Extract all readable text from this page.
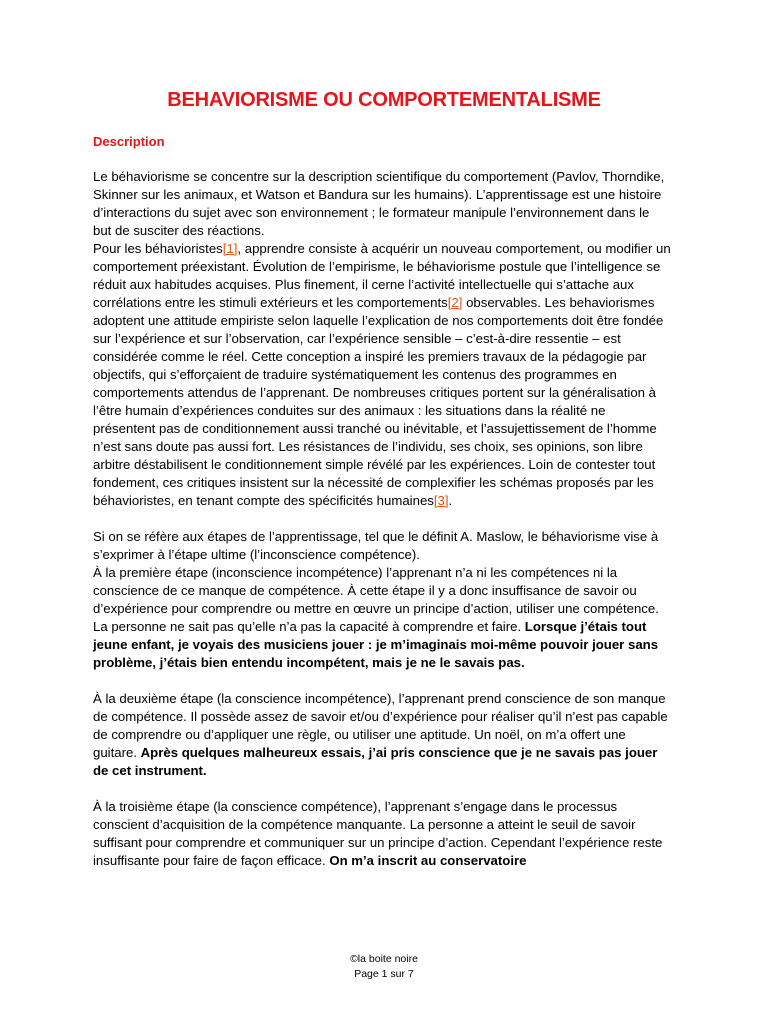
BEHAVIORISME OU COMPORTEMENTALISME
Description

Le béhaviorisme se concentre sur la description scientifique du comportement (Pavlov, Thorndike, Skinner sur les animaux, et Watson et Bandura sur les humains). L’apprentissage est une histoire d’interactions du sujet avec son environnement ; le formateur manipule l’environnement dans le but de susciter des réactions.

Pour les béhavioristes[1], apprendre consiste à acquérir un nouveau comportement, ou modifier un comportement préexistant. Évolution de l’empirisme, le béhaviorisme postule que l’intelligence se réduit aux habitudes acquises. Plus finement, il cerne l’activité intellectuelle qui s’attache aux corrélations entre les stimuli extérieurs et les comportements[2] observables. Les behaviorismes adoptent une attitude empiriste selon laquelle l’explication de nos comportements doit être fondée sur l’expérience et sur l’observation, car l’expérience sensible – c’est-à-dire ressentie – est considérée comme le réel. Cette conception a inspiré les premiers travaux de la pédagogie par objectifs, qui s’efforçaient de traduire systématiquement les contenus des programmes en comportements attendus de l’apprenant. De nombreuses critiques portent sur la généralisation à l’être humain d’expériences conduites sur des animaux : les situations dans la réalité ne présentent pas de conditionnement aussi tranché ou inévitable, et l’assujettissement de l’homme n’est sans doute pas aussi fort. Les résistances de l’individu, ses choix, ses opinions, son libre arbitre déstabilisent le conditionnement simple révélé par les expériences. Loin de contester tout fondement, ces critiques insistent sur la nécessité de complexifier les schémas proposés par les béhavioristes, en tenant compte des spécificités humaines[3].

Si on se réfère aux étapes de l’apprentissage, tel que le définit A. Maslow, le béhaviorisme vise à s’exprimer à l’étape ultime (l’inconscience compétence).

À la première étape (inconscience incompétence) l’apprenant n’a ni les compétences ni la conscience de ce manque de compétence. À cette étape il y a donc insuffisance de savoir ou d’expérience pour comprendre ou mettre en œuvre un principe d’action, utiliser une compétence. La personne ne sait pas qu’elle n’a pas la capacité à comprendre et faire. Lorsque j’étais tout jeune enfant, je voyais des musiciens jouer : je m’imaginais moi-même pouvoir jouer sans problème, j’étais bien entendu incompétent, mais je ne le savais pas.

À la deuxième étape (la conscience incompétence), l’apprenant prend conscience de son manque de compétence. Il possède assez de savoir et/ou d’expérience pour réaliser qu’il n’est pas capable de comprendre ou d’appliquer une règle, ou utiliser une aptitude. Un noël, on m’a offert une guitare. Après quelques malheureux essais, j’ai pris conscience que je ne savais pas jouer de cet instrument.

À la troisième étape (la conscience compétence), l’apprenant s’engage dans le processus conscient d’acquisition de la compétence manquante. La personne a atteint le seuil de savoir suffisant pour comprendre et communiquer sur un principe d’action. Cependant l’expérience reste insuffisante pour faire de façon efficace. On m’a inscrit au conservatoire

©la boite noire
Page 1 sur 7
